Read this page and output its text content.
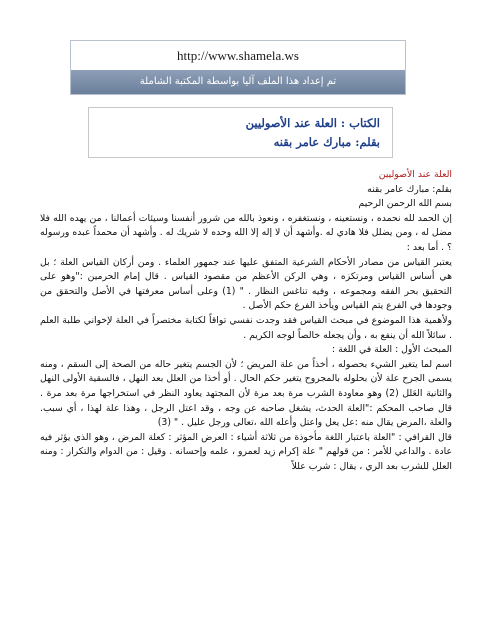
http://www.shamela.ws
تم إعداد هذا الملف آليا بواسطة المكتبة الشاملة
الكتاب : العلة عند الأصوليين
بقلم: مبارك عامر بقنه

العلة عند الأصوليين

بقلم: مبارك عامر بقنه

بسم الله الرحمن الرحيم

إن الحمد لله نحمده ، ونستعينه ، ونستغفره ، ونعوذ بالله من شرور أنفسنا وسيئات أعمالنا ، من يهده الله فلا مضل له ، ومن يضلل فلا هادي له .وأشهد أن لا إله إلا الله وحده لا شريك له . وأشهد أن محمداً عبده ورسوله ؟ . أما بعد :

يعتبر القياس من مصادر الأحكام الشرعية المتفق عليها عند جمهور العلماء . ومن أركان القياس العلة ؛ بل هي أساس القياس ومرتكزه ، وهي الركن الأعظم من مقصود القياس . قال إمام الحرمين :"وهو على التحقيق بحر الفقه ومجموعه ، وفيه تناغس النظار . " (1) وعلى أساس معرفتها في الأصل والتحقق من وجودها في الفرع يتم القياس ويأخذ الفرع حكم الأصل .

ولأهمية هذا الموضوع في مبحث القياس فقد وجدت نفسي تواقاً لكتابة مختصراً في العلة لإخواني طلبة العلم . سائلاً الله أن ينفع به ، وأن يجعله خالصاً لوجه الكريم .

المبحث الأول : العلة في اللغة :

اسم لما يتغير الشيء بحصوله ، أخذاً من علة المريض ؛ لأن الجسم يتغير حاله من الصحة إلى السقم ، ومنه يسمى الجرح علة لأن بحلوله بالمجروح يتغير حكم الحال . أو أخذا من العلل بعد النهل ، فالسقية الأولى النهل والثانية العَلل (2) وهو معاودة الشرب مرة بعد مرة لأن المجتهد يعاود النظر في استخراجها مرة بعد مرة . قال صاحب المحكم :"العلة الحدث، يشغل صاحبه عن وجه ، وقد اعتل الرجل ، وهذا علة لهذا ، أي سبب. والعلة ،المرض يقال منه :عل يعل واعتل وأعله الله ،تعالى ورجل عليل . " (3)

قال القرافي : "العلة باعتبار اللغة مأخوذة من ثلاثة أشياء : العرض المؤثر : كعلة المرض ، وهو الذي يؤثر فيه عادة . والداعي للأمر : من قولهم " علة إكرام زيد لعمرو ، علمه وإحسانه . وقيل : من الدوام والتكرار : ومنه العلل للشرب بعد الري ، يقال : شرب عللاً
